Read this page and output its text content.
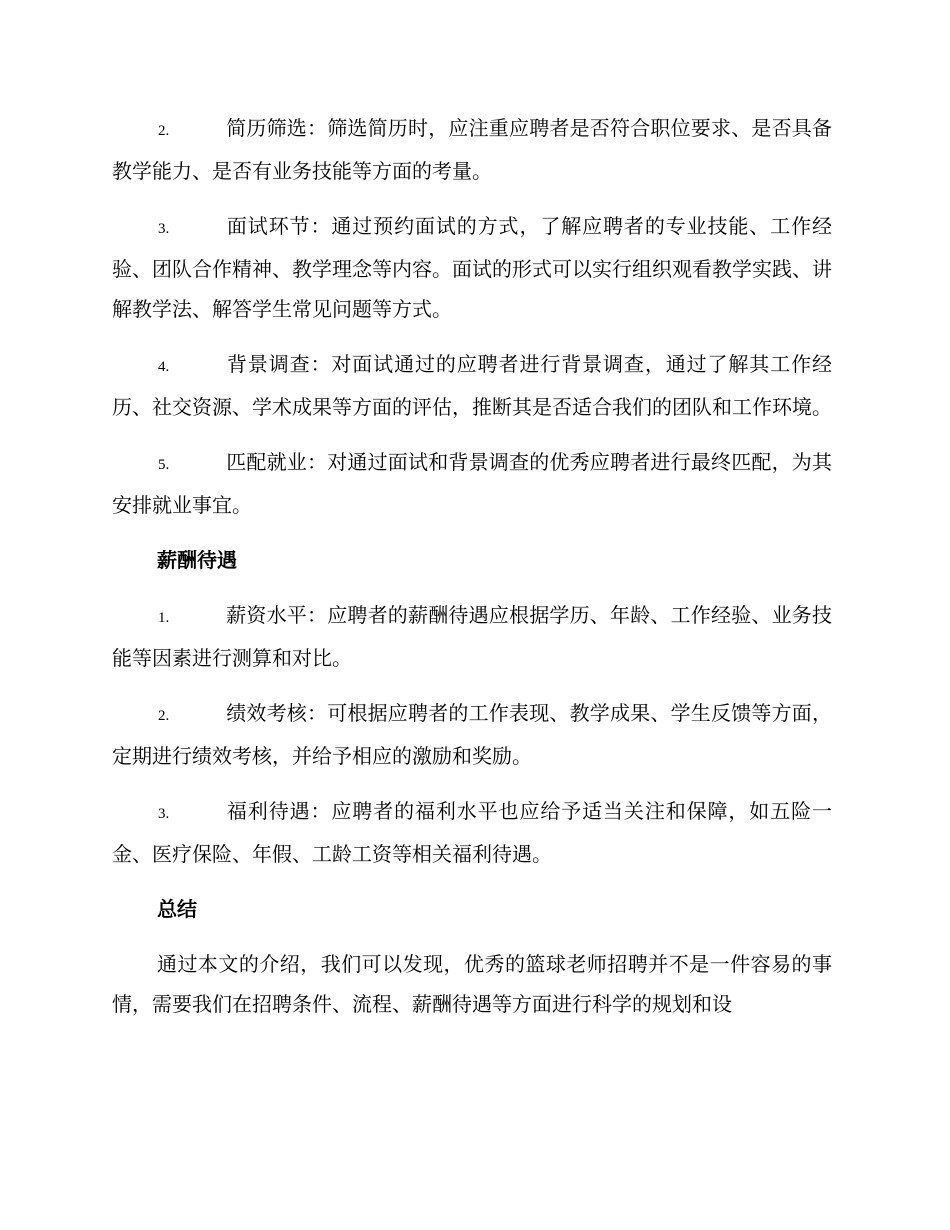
2.	简历筛选：筛选简历时，应注重应聘者是否符合职位要求、是否具备教学能力、是否有业务技能等方面的考量。

3.	面试环节：通过预约面试的方式，了解应聘者的专业技能、工作经验、团队合作精神、教学理念等内容。面试的形式可以实行组织观看教学实践、讲解教学法、解答学生常见问题等方式。

4.	背景调查：对面试通过的应聘者进行背景调查，通过了解其工作经历、社交资源、学术成果等方面的评估，推断其是否适合我们的团队和工作环境。

5.	匹配就业：对通过面试和背景调查的优秀应聘者进行最终匹配，为其安排就业事宜。

薪酬待遇

1.	薪资水平：应聘者的薪酬待遇应根据学历、年龄、工作经验、业务技能等因素进行测算和对比。

2.	绩效考核：可根据应聘者的工作表现、教学成果、学生反馈等方面，定期进行绩效考核，并给予相应的激励和奖励。

3.	福利待遇：应聘者的福利水平也应给予适当关注和保障，如五险一金、医疗保险、年假、工龄工资等相关福利待遇。

总结

通过本文的介绍，我们可以发现，优秀的篮球老师招聘并不是一件容易的事情，需要我们在招聘条件、流程、薪酬待遇等方面进行科学的规划和设
